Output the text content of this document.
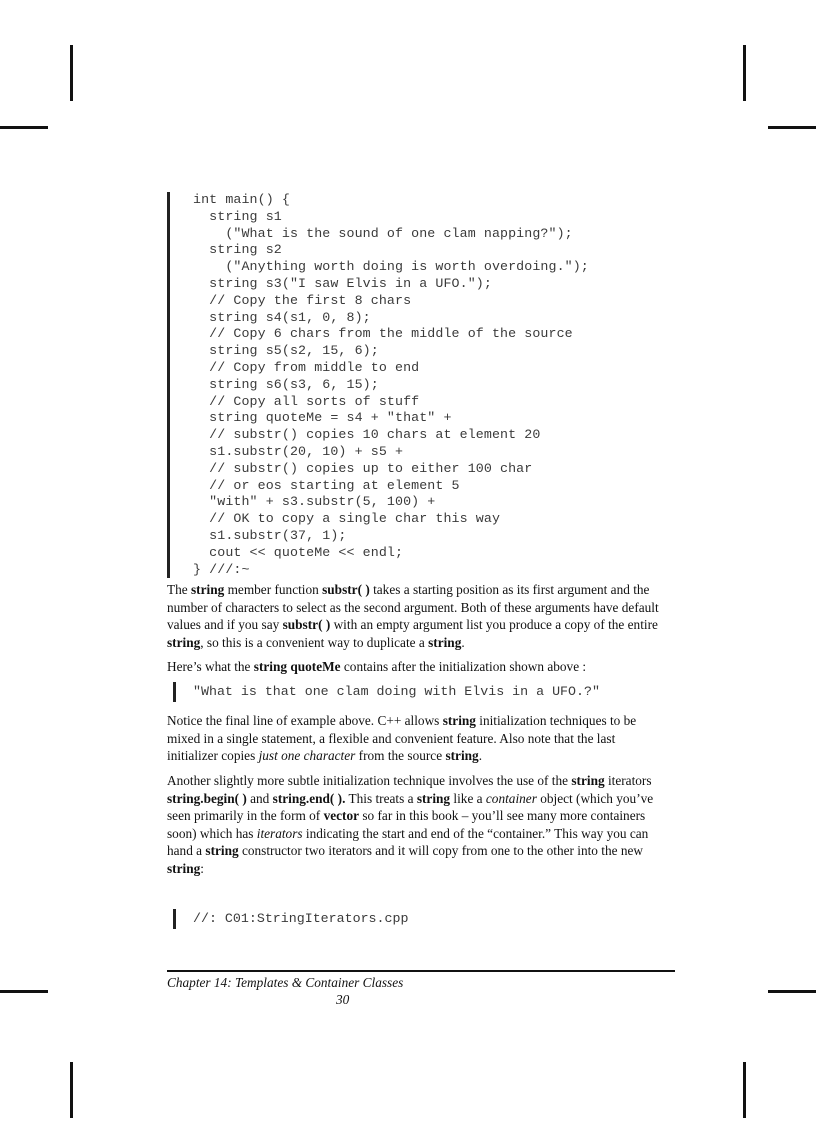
int main() {
string s1
("What is the sound of one clam napping?");
string s2
("Anything worth doing is worth overdoing.");
string s3("I saw Elvis in a UFO.");
// Copy the first 8 chars
string s4(s1, 0, 8);
// Copy 6 chars from the middle of the source
string s5(s2, 15, 6);
// Copy from middle to end
string s6(s3, 6, 15);
// Copy all sorts of stuff
string quoteMe = s4 + "that" +
// substr() copies 10 chars at element 20
s1.substr(20, 10) + s5 +
// substr() copies up to either 100 char
// or eos starting at element 5
"with" + s3.substr(5, 100) +
// OK to copy a single char this way
s1.substr(37, 1);
cout << quoteMe << endl;
} ///:~

The string member function substr( ) takes a starting position as its first argument and the number of characters to select as the second argument. Both of these arguments have default values and if you say substr( ) with an empty argument list you produce a copy of the entire string, so this is a convenient way to duplicate a string.

Here’s what the string quoteMe contains after the initialization shown above :

"What is that one clam doing with Elvis in a UFO.?"

Notice the final line of example above. C++ allows string initialization techniques to be mixed in a single statement, a flexible and convenient feature. Also note that the last initializer copies just one character from the source string.

Another slightly more subtle initialization technique involves the use of the string iterators string.begin( ) and string.end( ). This treats a string like a container object (which you’ve seen primarily in the form of vector so far in this book – you’ll see many more containers soon) which has iterators indicating the start and end of the “container.” This way you can hand a string constructor two iterators and it will copy from one to the other into the new string:

//: C01:StringIterators.cpp
Chapter 14: Templates & Container Classes
30
